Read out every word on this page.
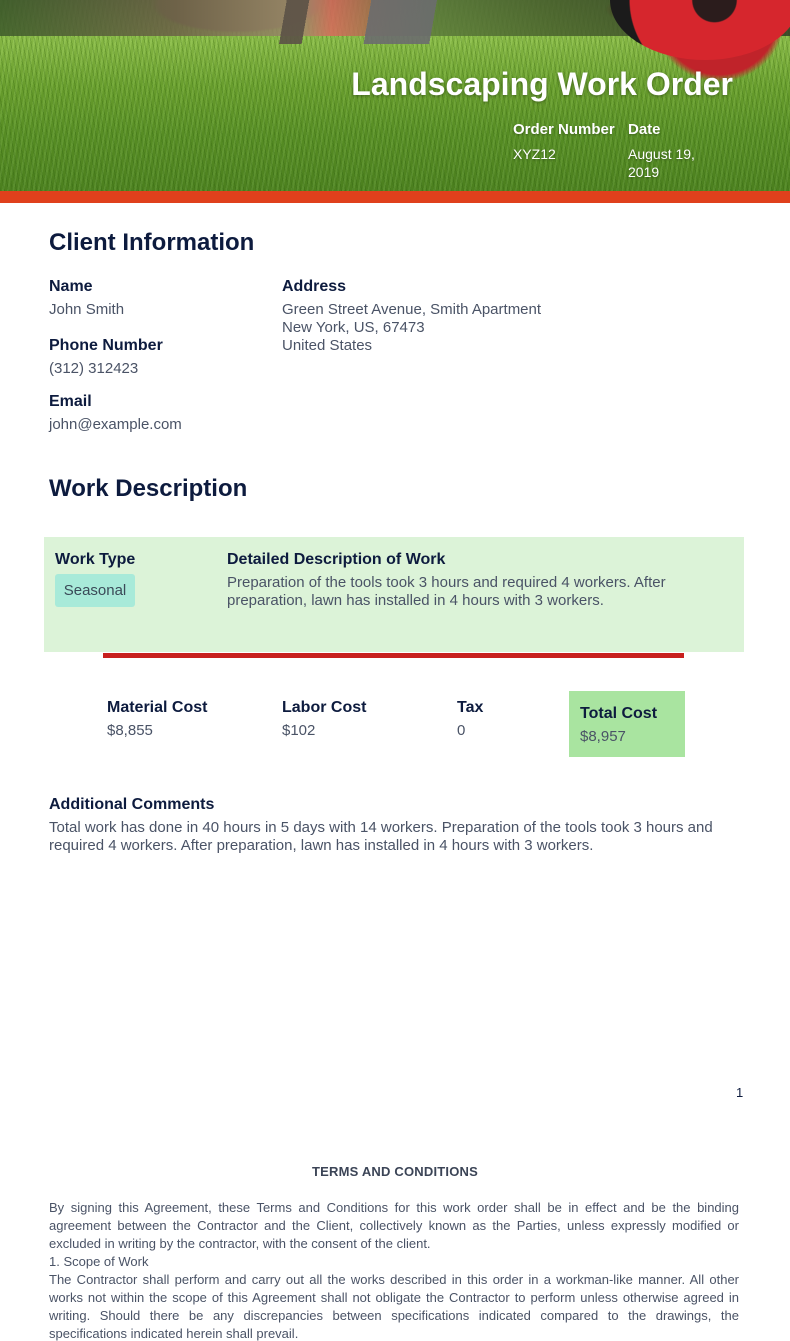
Landscaping Work Order
Order Number
XYZ12
Date
August 19,
2019
Client Information
Name
John Smith
Phone Number
(312) 312423
Email
john@example.com
Address
Green Street Avenue, Smith Apartment
New York, US, 67473
United States
Work Description
Work Type
Seasonal
Detailed Description of Work
Preparation of the tools took 3 hours and required 4 workers. After
preparation, lawn has installed in 4 hours with 3 workers.
Material Cost
$8,855
Labor Cost
$102
Tax
0
Total Cost
$8,957
Additional Comments
Total work has done in 40 hours in 5 days with 14 workers. Preparation of the tools took 3 hours and
required 4 workers. After preparation, lawn has installed in 4 hours with 3 workers.
1
TERMS AND CONDITIONS
By signing this Agreement, these Terms and Conditions for this work order shall be in effect and be the binding agreement between the Contractor and the Client, collectively known as the Parties, unless expressly modified or excluded in writing by the contractor, with the consent of the client.
1. Scope of Work
The Contractor shall perform and carry out all the works described in this order in a workman-like manner. All other works not within the scope of this Agreement shall not obligate the Contractor to perform unless otherwise agreed in writing. Should there be any discrepancies between specifications indicated compared to the drawings, the specifications indicated herein shall prevail.
